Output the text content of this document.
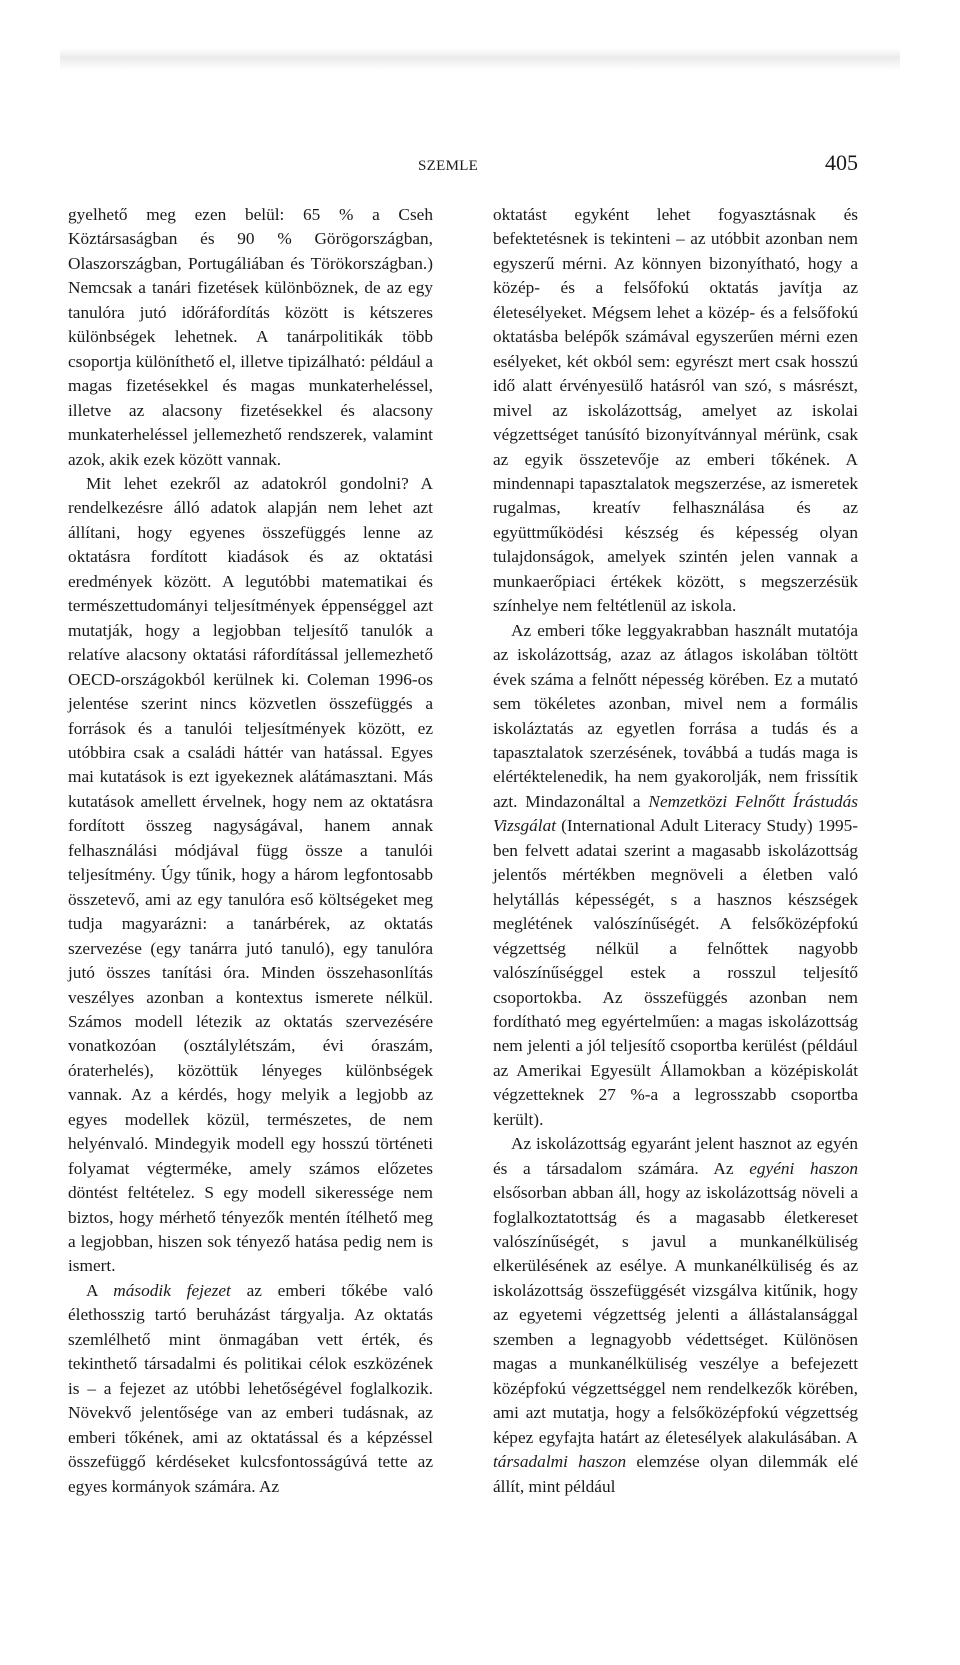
SZEMLE	405

gyelhető meg ezen belül: 65 % a Cseh Köztársaságban és 90 % Görögországban, Olaszországban, Portugáliában és Törökországban.) Nemcsak a tanári fizetések különböznek, de az egy tanulóra jutó időráfordítás között is kétszeres különbségek lehetnek. A tanárpolitikák több csoportja különíthető el, illetve tipizálható: például a magas fizetésekkel és magas munkaterheléssel, illetve az alacsony fizetésekkel és alacsony munkaterheléssel jellemezhető rendszerek, valamint azok, akik ezek között vannak.

Mit lehet ezekről az adatokról gondolni? A rendelkezésre álló adatok alapján nem lehet azt állítani, hogy egyenes összefüggés lenne az oktatásra fordított kiadások és az oktatási eredmények között. A legutóbbi matematikai és természettudományi teljesítmények éppenséggel azt mutatják, hogy a legjobban teljesítő tanulók a relatíve alacsony oktatási ráfordítással jellemezhető OECD-országokból kerülnek ki. Coleman 1996-os jelentése szerint nincs közvetlen összefüggés a források és a tanulói teljesítmények között, ez utóbbira csak a családi háttér van hatással. Egyes mai kutatások is ezt igyekeznek alátámasztani. Más kutatások amellett érvelnek, hogy nem az oktatásra fordított összeg nagyságával, hanem annak felhasználási módjával függ össze a tanulói teljesítmény. Úgy tűnik, hogy a három legfontosabb összetevő, ami az egy tanulóra eső költségeket meg tudja magyarázni: a tanárbérek, az oktatás szervezése (egy tanárra jutó tanuló), egy tanulóra jutó összes tanítási óra. Minden összehasonlítás veszélyes azonban a kontextus ismerete nélkül. Számos modell létezik az oktatás szervezésére vonatkozóan (osztálylétszám, évi óraszám, óraterhelés), közöttük lényeges különbségek vannak. Az a kérdés, hogy melyik a legjobb az egyes modellek közül, természetes, de nem helyénvaló. Mindegyik modell egy hosszú történeti folyamat végterméke, amely számos előzetes döntést feltételez. S egy modell sikeressége nem biztos, hogy mérhető tényezők mentén ítélhető meg a legjobban, hiszen sok tényező hatása pedig nem is ismert.

A második fejezet az emberi tőkébe való élethosszig tartó beruházást tárgyalja. Az oktatás szemlélhető mint önmagában vett érték, és tekinthető társadalmi és politikai célok eszközének is – a fejezet az utóbbi lehetőségével foglalkozik. Növekvő jelentősége van az emberi tudásnak, az emberi tőkének, ami az oktatással és a képzéssel összefüggő kérdéseket kulcsfontosságúvá tette az egyes kormányok számára. Az

oktatást egyként lehet fogyasztásnak és befektetésnek is tekinteni – az utóbbit azonban nem egyszerű mérni. Az könnyen bizonyítható, hogy a közép- és a felsőfokú oktatás javítja az életesélyeket. Mégsem lehet a közép- és a felsőfokú oktatásba belépők számával egyszerűen mérni ezen esélyeket, két okból sem: egyrészt mert csak hosszú idő alatt érvényesülő hatásról van szó, s másrészt, mivel az iskolázottság, amelyet az iskolai végzettséget tanúsító bizonyítvánnyal mérünk, csak az egyik összetevője az emberi tőkének. A mindennapi tapasztalatok megszerzése, az ismeretek rugalmas, kreatív felhasználása és az együttműködési készség és képesség olyan tulajdonságok, amelyek szintén jelen vannak a munkaerőpiaci értékek között, s megszerzésük színhelye nem feltétlenül az iskola.

Az emberi tőke leggyakrabban használt mutatója az iskolázottság, azaz az átlagos iskolában töltött évek száma a felnőtt népesség körében. Ez a mutató sem tökéletes azonban, mivel nem a formális iskoláztatás az egyetlen forrása a tudás és a tapasztalatok szerzésének, továbbá a tudás maga is elértéktelenedik, ha nem gyakorolják, nem frissítik azt. Mindazonáltal a Nemzetközi Felnőtt Írástudás Vizsgálat (International Adult Literacy Study) 1995-ben felvett adatai szerint a magasabb iskolázottság jelentős mértékben megnöveli a életben való helytállás képességét, s a hasznos készségek meglétének valószínűségét. A felsőközépfokú végzettség nélkül a felnőttek nagyobb valószínűséggel estek a rosszul teljesítő csoportokba. Az összefüggés azonban nem fordítható meg egyértelműen: a magas iskolázottság nem jelenti a jól teljesítő csoportba kerülést (például az Amerikai Egyesült Államokban a középiskolát végzetteknek 27 %-a a legrosszabb csoportba került).

Az iskolázottság egyaránt jelent hasznot az egyén és a társadalom számára. Az egyéni haszon elsősorban abban áll, hogy az iskolázottság növeli a foglalkoztatottság és a magasabb életkereset valószínűségét, s javul a munkanélküliség elkerülésének az esélye. A munkanélküliség és az iskolázottság összefüggését vizsgálva kitűnik, hogy az egyetemi végzettség jelenti a állástalansággal szemben a legnagyobb védettséget. Különösen magas a munkanélküliség veszélye a befejezett középfokú végzettséggel nem rendelkezők körében, ami azt mutatja, hogy a felsőközépfokú végzettség képez egyfajta határt az életesélyek alakulásában. A társadalmi haszon elemzése olyan dilemmák elé állít, mint például
